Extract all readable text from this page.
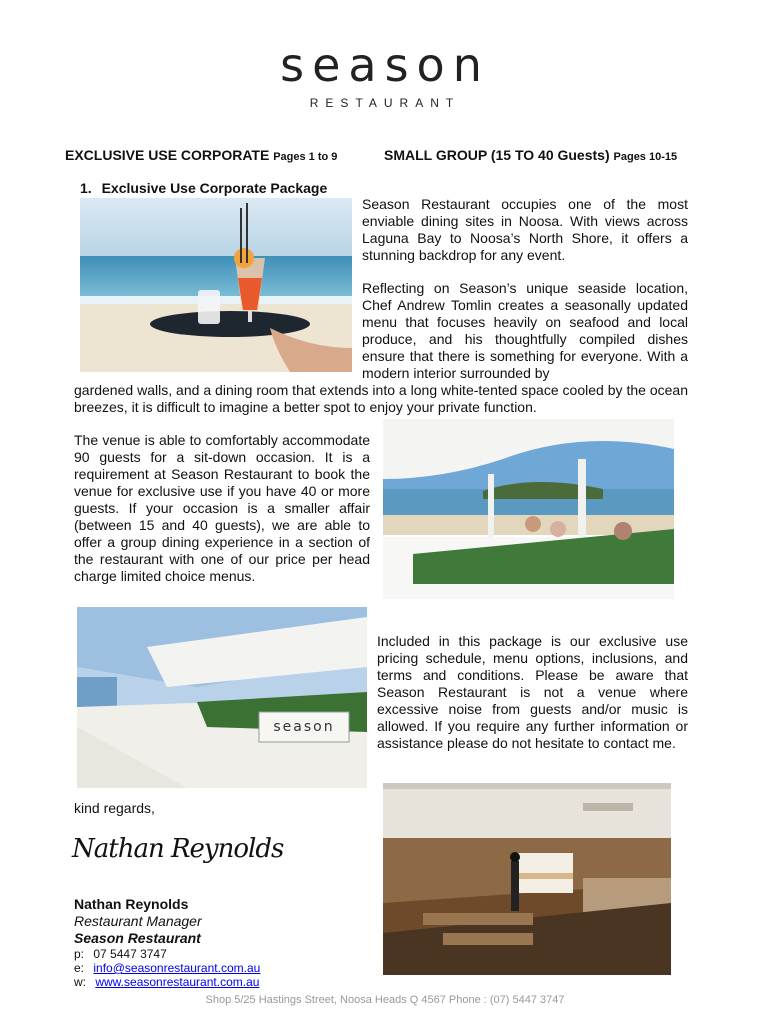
season
RESTAURANT
EXCLUSIVE USE CORPORATE Pages 1 to 9	SMALL GROUP (15 TO 40 Guests) Pages 10-15
1. Exclusive Use Corporate Package

Season Restaurant occupies one of the most enviable dining sites in Noosa. With views across Laguna Bay to Noosa’s North Shore, it offers a stunning backdrop for any event.

Reflecting on Season’s unique seaside location, Chef Andrew Tomlin creates a seasonally updated menu that focuses heavily on seafood and local produce, and his thoughtfully compiled dishes ensure that there is something for everyone. With a modern interior surrounded by

gardened walls, and a dining room that extends into a long white-tented space cooled by the ocean breezes, it is difficult to imagine a better spot to enjoy your private function.

The venue is able to comfortably accommodate 90 guests for a sit-down occasion. It is a requirement at Season Restaurant to book the venue for exclusive use if you have 40 or more guests. If your occasion is a smaller affair (between 15 and 40 guests), we are able to offer a group dining experience in a section of the restaurant with one of our price per head charge limited choice menus.

season

Included in this package is our exclusive use pricing schedule, menu options, inclusions, and terms and conditions. Please be aware that Season Restaurant is not a venue where excessive noise from guests and/or music is allowed. If you require any further information or assistance please do not hesitate to contact me.

kind regards,
Nathan Reynolds
Nathan Reynolds
Restaurant Manager
Season Restaurant
p: 07 5447 3747
e: info@seasonrestaurant.com.au
w: www.seasonrestaurant.com.au
Shop 5/25 Hastings Street, Noosa Heads Q 4567 Phone : (07) 5447 3747
